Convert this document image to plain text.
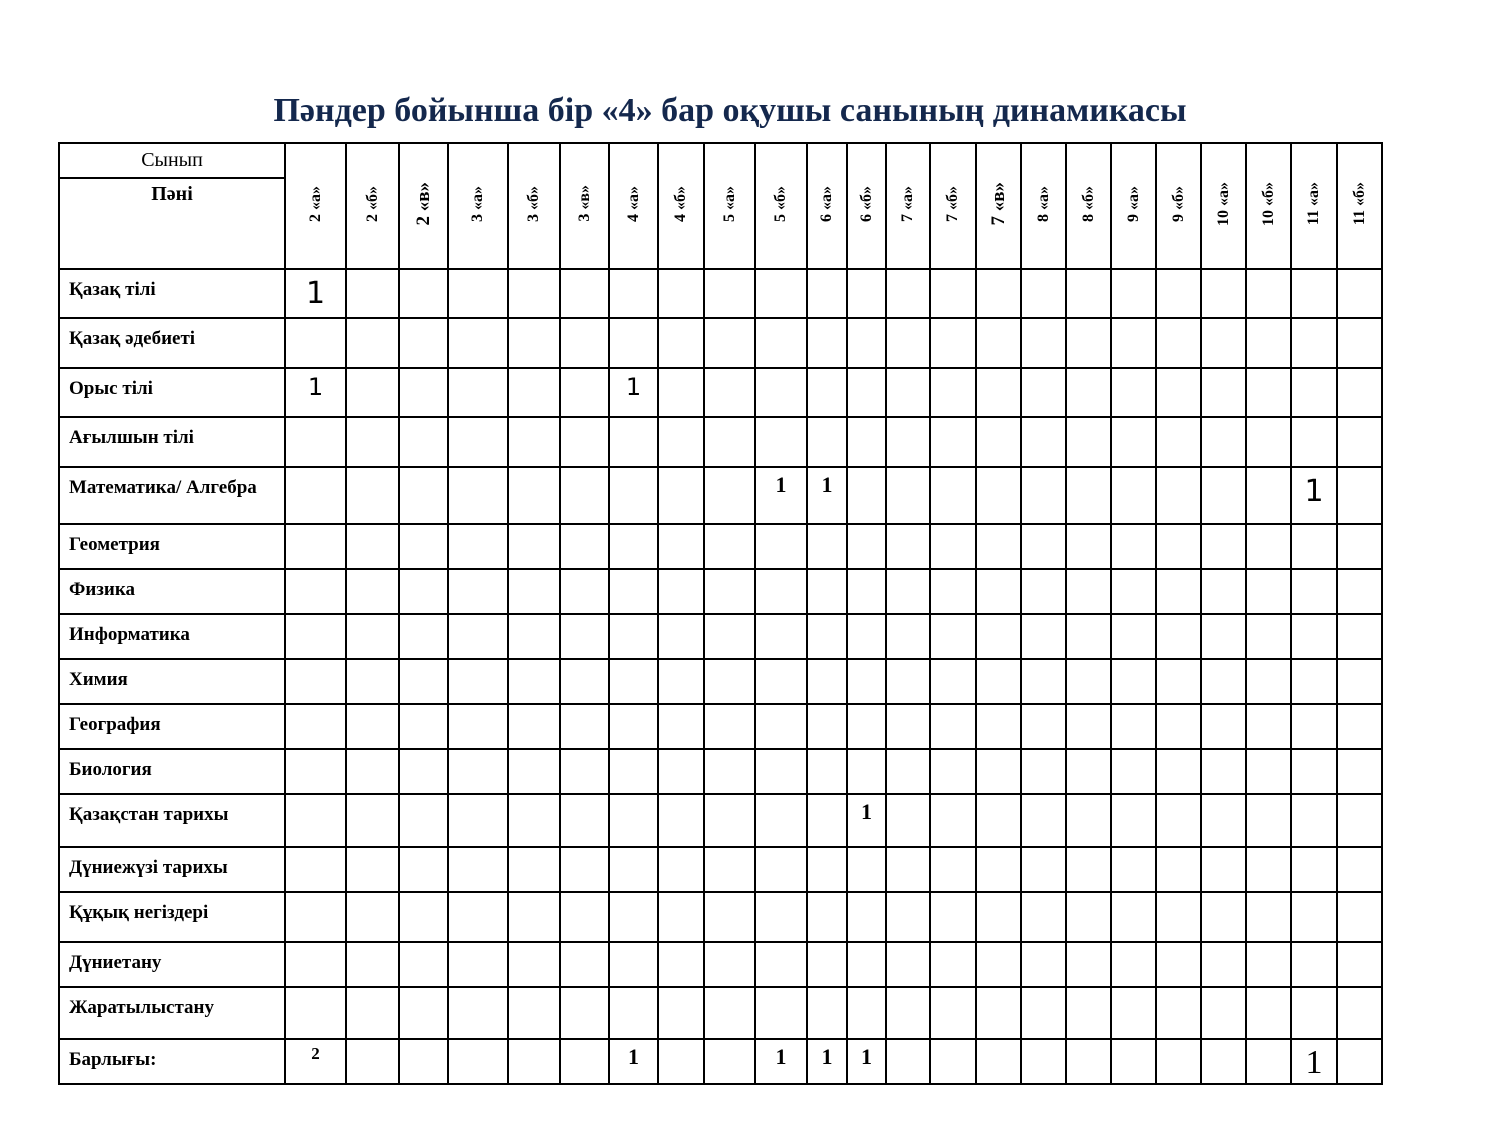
Пәндер бойынша бір «4» бар оқушы санының динамикасы
Сынып	2 «а»	2 «б»	2 «в»	3 «а»	3 «б»	3 «в»	4 «а»	4 «б»	5 «а»	5 «б»	6 «а»	6 «б»	7 «а»	7 «б»	7 «в»	8 «а»	8 «б»	9 «а»	9 «б»	10 «а»	10 «б»	11 «а»	11 «б»
Пәні																							
Қазақ тілі	1																						
Қазақ әдебиеті																							
Орыс тілі	1						1																
Ағылшын тілі																							
Математика/ Алгебра										1	1											1	
Геометрия																							
Физика																							
Информатика																							
Химия																							
География																							
Биология																							
Қазақстан тарихы												1											
Дүниежүзі тарихы																							
Құқық негіздері																							
Дүниетану																							
Жаратылыстану																							
Барлығы:	2						1			1	1	1										1	
